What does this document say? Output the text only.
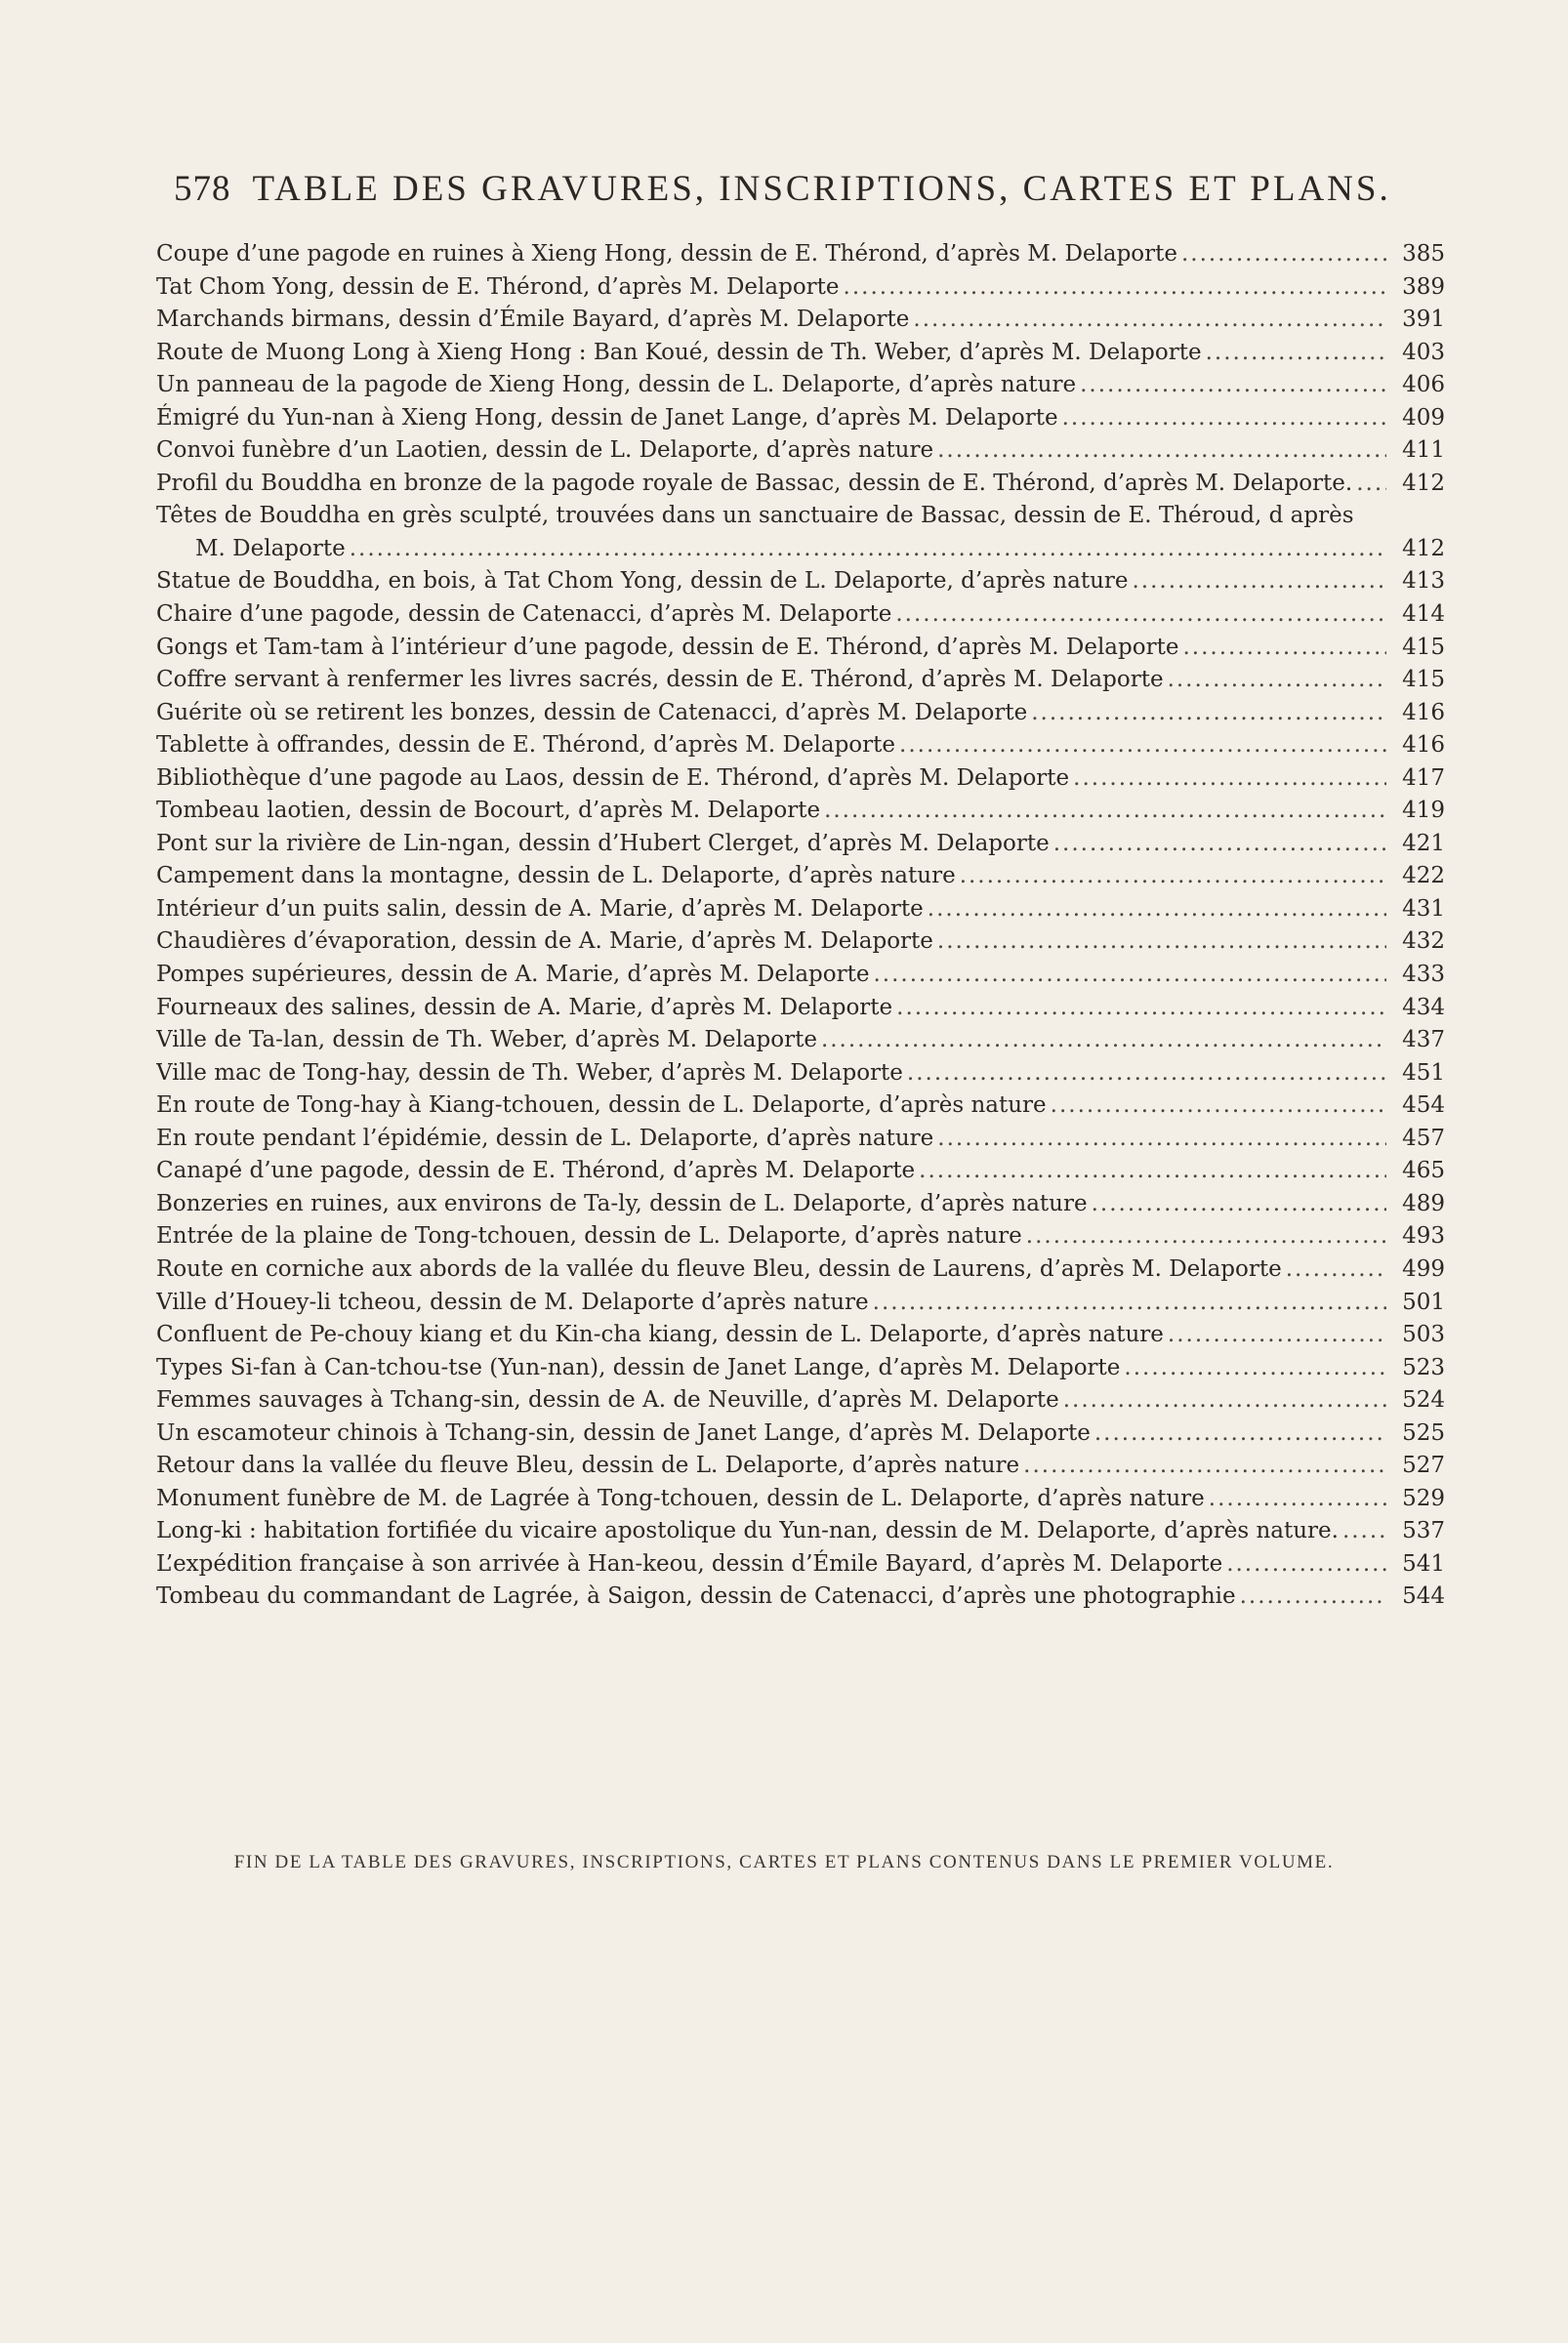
578 TABLE DES GRAVURES, INSCRIPTIONS, CARTES ET PLANS.
Coupe d’une pagode en ruines à Xieng Hong, dessin de E. Thérond, d’après M. Delaporte .....	385
Tat Chom Yong, dessin de E. Thérond, d’après M. Delaporte .....	389
Marchands birmans, dessin d’Émile Bayard, d’après M. Delaporte .....	391
Route de Muong Long à Xieng Hong : Ban Koué, dessin de Th. Weber, d’après M. Delaporte .....	403
Un panneau de la pagode de Xieng Hong, dessin de L. Delaporte, d’après nature .....	406
Émigré du Yun-nan à Xieng Hong, dessin de Janet Lange, d’après M. Delaporte .....	409
Convoi funèbre d’un Laotien, dessin de L. Delaporte, d’après nature .....	411
Profil du Bouddha en bronze de la pagode royale de Bassac, dessin de E. Thérond, d’après M. Delaporte. .....	412
Têtes de Bouddha en grès sculpté, trouvées dans un sanctuaire de Bassac, dessin de E. Théroud, d après
M. Delaporte .....	412
Statue de Bouddha, en bois, à Tat Chom Yong, dessin de L. Delaporte, d’après nature .....	413
Chaire d’une pagode, dessin de Catenacci, d’après M. Delaporte .....	414
Gongs et Tam-tam à l’intérieur d’une pagode, dessin de E. Thérond, d’après M. Delaporte .....	415
Coffre servant à renfermer les livres sacrés, dessin de E. Thérond, d’après M. Delaporte .....	415
Guérite où se retirent les bonzes, dessin de Catenacci, d’après M. Delaporte .....	416
Tablette à offrandes, dessin de E. Thérond, d’après M. Delaporte .....	416
Bibliothèque d’une pagode au Laos, dessin de E. Thérond, d’après M. Delaporte .....	417
Tombeau laotien, dessin de Bocourt, d’après M. Delaporte .....	419
Pont sur la rivière de Lin-ngan, dessin d’Hubert Clerget, d’après M. Delaporte .....	421
Campement dans la montagne, dessin de L. Delaporte, d’après nature .....	422
Intérieur d’un puits salin, dessin de A. Marie, d’après M. Delaporte .....	431
Chaudières d’évaporation, dessin de A. Marie, d’après M. Delaporte .....	432
Pompes supérieures, dessin de A. Marie, d’après M. Delaporte .....	433
Fourneaux des salines, dessin de A. Marie, d’après M. Delaporte .....	434
Ville de Ta-lan, dessin de Th. Weber, d’après M. Delaporte .....	437
Ville mac de Tong-hay, dessin de Th. Weber, d’après M. Delaporte .....	451
En route de Tong-hay à Kiang-tchouen, dessin de L. Delaporte, d’après nature .....	454
En route pendant l’épidémie, dessin de L. Delaporte, d’après nature .....	457
Canapé d’une pagode, dessin de E. Thérond, d’après M. Delaporte .....	465
Bonzeries en ruines, aux environs de Ta-ly, dessin de L. Delaporte, d’après nature .....	489
Entrée de la plaine de Tong-tchouen, dessin de L. Delaporte, d’après nature .....	493
Route en corniche aux abords de la vallée du fleuve Bleu, dessin de Laurens, d’après M. Delaporte .....	499
Ville d’Houey-li tcheou, dessin de M. Delaporte d’après nature .....	501
Confluent de Pe-chouy kiang et du Kin-cha kiang, dessin de L. Delaporte, d’après nature .....	503
Types Si-fan à Can-tchou-tse (Yun-nan), dessin de Janet Lange, d’après M. Delaporte .....	523
Femmes sauvages à Tchang-sin, dessin de A. de Neuville, d’après M. Delaporte .....	524
Un escamoteur chinois à Tchang-sin, dessin de Janet Lange, d’après M. Delaporte .....	525
Retour dans la vallée du fleuve Bleu, dessin de L. Delaporte, d’après nature .....	527
Monument funèbre de M. de Lagrée à Tong-tchouen, dessin de L. Delaporte, d’après nature .....	529
Long-ki : habitation fortifiée du vicaire apostolique du Yun-nan, dessin de M. Delaporte, d’après nature. .....	537
L’expédition française à son arrivée à Han-keou, dessin d’Émile Bayard, d’après M. Delaporte .....	541
Tombeau du commandant de Lagrée, à Saigon, dessin de Catenacci, d’après une photographie .....	544
FIN DE LA TABLE DES GRAVURES, INSCRIPTIONS, CARTES ET PLANS CONTENUS DANS LE PREMIER VOLUME.
